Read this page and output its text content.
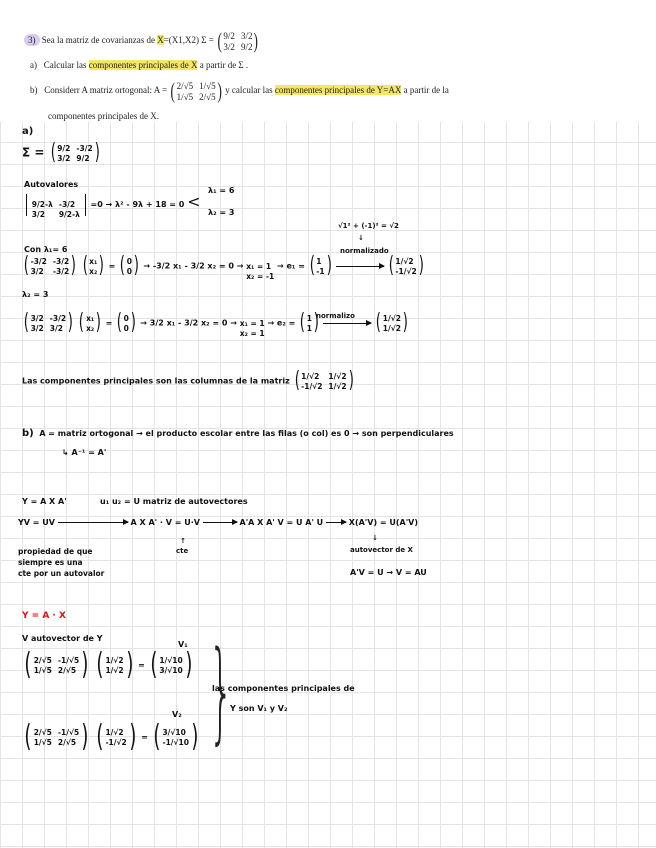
3) Sea la matriz de covarianzas de X=(X1,X2) Σ = ( 9/2 3/2
3/2 9/2 )
a) Calcular las componentes principales de X a partir de Σ .
b) Considerr A matriz ortogonal: A = ( 2/√5 1/√5
1/√5 2/√5 ) y calcular las componentes principales de Y=AX a partir de la
componentes principales de X.
a)
Σ = ( 9/2 -3/2
3/2 9/2 )
Autovalores

9/2-λ -3/2
3/2	9/2-λ
=0 → λ² - 9λ + 18 = 0 <
λ₁ = 6
λ₂ = 3
√1² + (-1)² = √2
↓
normalizado
Con λ₁= 6
( -3/2 -3/2
3/2	-3/2 )
( x₁
x₂ ) = ( 0
0 ) → -3/2 x₁ - 3/2 x₂ = 0 → x₁ = 1
x₂ = -1
→ e₁ = ( 1
-1 )
	( 1/√2
-1/√2 )
λ₂ = 3
normalizo
( 3/2 -3/2
3/2 3/2 )
( x₁
x₂ ) = ( 0
0 ) → 3/2 x₁ - 3/2 x₂ = 0 → x₁ = 1
x₂ = 1
→ e₂ = ( 1
1 )
	( 1/√2
1/√2 )
Las componentes principales son las columnas de la matriz ( 1/√2	1/√2
-1/√2 1/√2 )
b) A = matriz ortogonal → el producto escolar entre las filas (o col) es 0 → son perpendiculares
↳ A⁻¹ = A'
Y = A X A'	u₁ u₂ = U matriz de autovectores
YV = UV	A X A' · V = U·V	A'A X A' V = U A' U	X(A'V) = U(A'V)
↑
cte
↓
autovector de X
A'V = U → V = AU
propiedad de que
siempre es una
cte por un autovalor
Y = A · X
V autovector de Y
( 2/√5 -1/√5
1/√5 2/√5 )
( 1/√2
1/√2 ) = ( 1/√10
3/√10 )
V₁
( 2/√5 -1/√5
1/√5 2/√5 )
( 1/√2
-1/√2 ) = ( 3/√10
-1/√10 )
V₂ }
las componentes principales de
Y son V₁ y V₂
